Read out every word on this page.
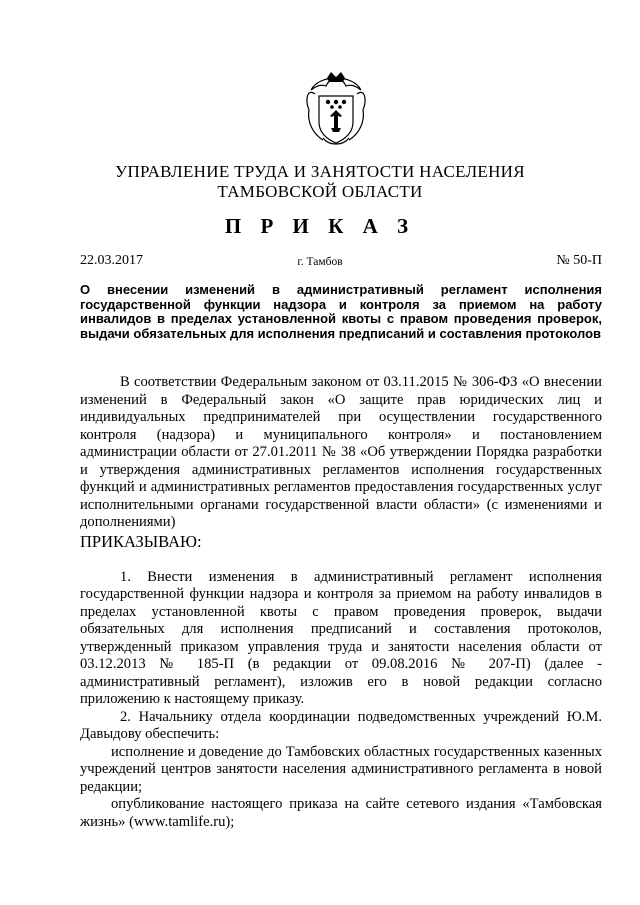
УПРАВЛЕНИЕ ТРУДА И ЗАНЯТОСТИ НАСЕЛЕНИЯ
ТАМБОВСКОЙ ОБЛАСТИ
П Р И К А З
22.03.2017	г. Тамбов	№ 50-П
О внесении изменений в административный регламент исполнения государственной функции надзора и контроля за приемом на работу инвалидов в пределах установленной квоты с правом проведения проверок, выдачи обязательных для исполнения предписаний и составления протоколов

В соответствии Федеральным законом от 03.11.2015 № 306-ФЗ «О внесении изменений в Федеральный закон «О защите прав юридических лиц и индивидуальных предпринимателей при осуществлении государственного контроля (надзора) и муниципального контроля» и постановлением администрации области от 27.01.2011 № 38 «Об утверждении Порядка разработки и утверждения административных регламентов исполнения государственных функций и административных регламентов предоставления государственных услуг исполнительными органами государственной власти области» (с изменениями и дополнениями)

ПРИКАЗЫВАЮ:

1. Внести изменения в административный регламент исполнения государственной функции надзора и контроля за приемом на работу инвалидов в пределах установленной квоты с правом проведения проверок, выдачи обязательных для исполнения предписаний и составления протоколов, утвержденный приказом управления труда и занятости населения области от 03.12.2013 № 185-П (в редакции от 09.08.2016 № 207-П) (далее - административный регламент), изложив его в новой редакции согласно приложению к настоящему приказу.

2. Начальнику отдела координации подведомственных учреждений Ю.М. Давыдову обеспечить:

исполнение и доведение до Тамбовских областных государственных казенных учреждений центров занятости населения административного регламента в новой редакции;

опубликование настоящего приказа на сайте сетевого издания «Тамбовская жизнь» (www.tamlife.ru);
